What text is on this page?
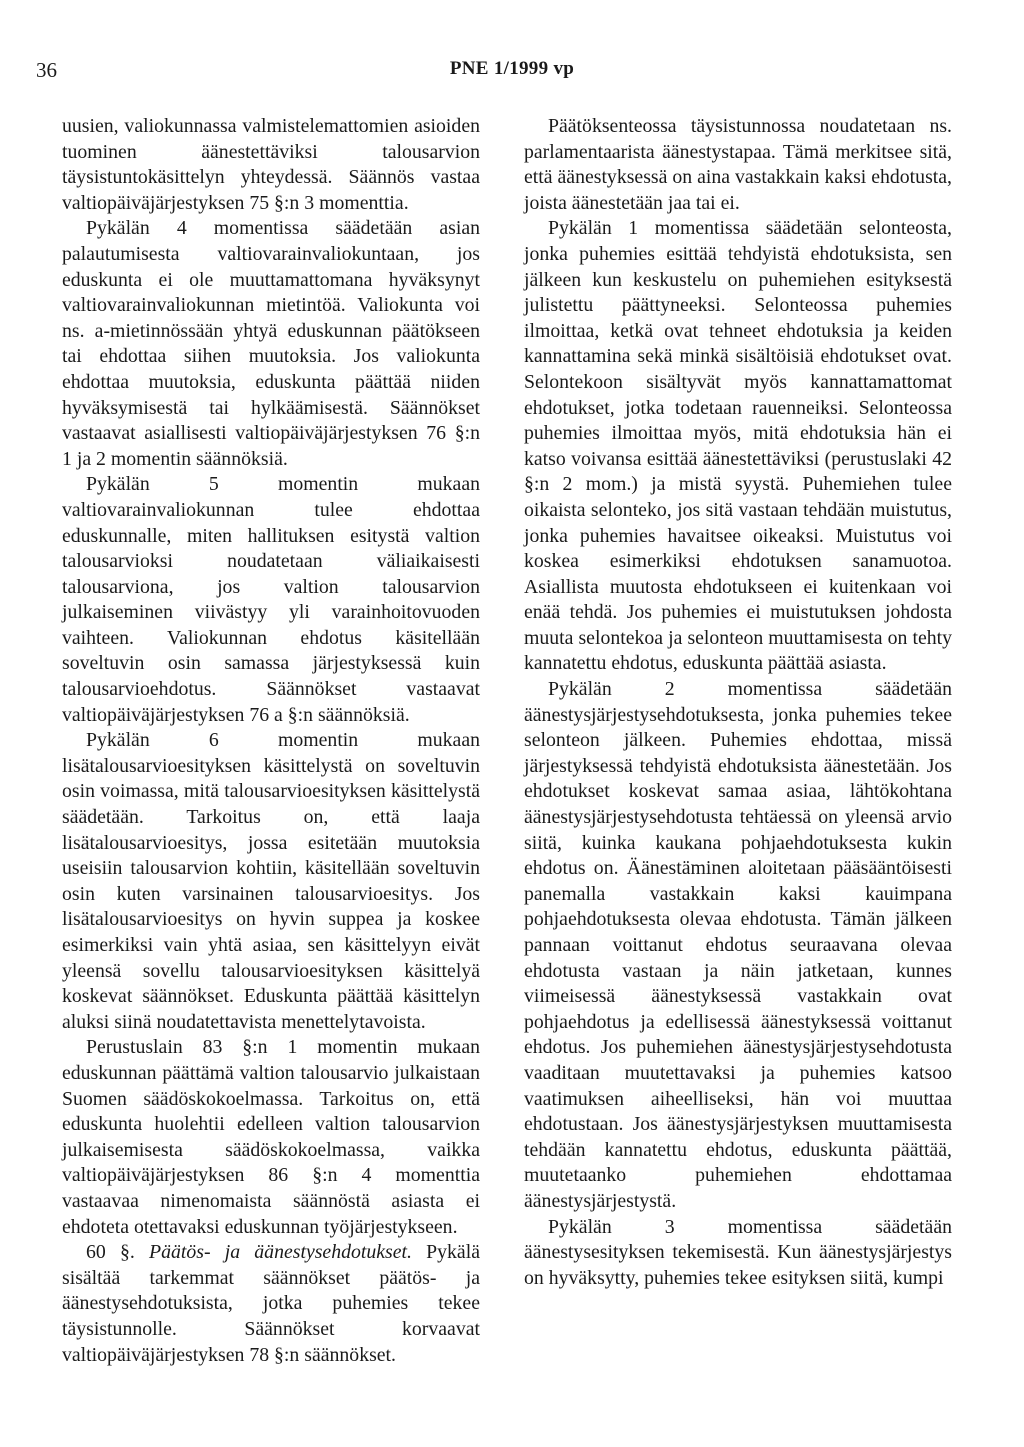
36	PNE 1/1999 vp

uusien, valiokunnassa valmistelemattomien asioiden tuominen äänestettäviksi talousarvion täysistuntokäsittelyn yhteydessä. Säännös vastaa valtiopäiväjärjestyksen 75 §:n 3 momenttia.

Pykälän 4 momentissa säädetään asian palautumisesta valtiovarainvaliokuntaan, jos eduskunta ei ole muuttamattomana hyväksynyt valtiovarainvaliokunnan mietintöä. Valiokunta voi ns. a-mietinnössään yhtyä eduskunnan päätökseen tai ehdottaa siihen muutoksia. Jos valiokunta ehdottaa muutoksia, eduskunta päättää niiden hyväksymisestä tai hylkäämisestä. Säännökset vastaavat asiallisesti valtiopäiväjärjestyksen 76 §:n 1 ja 2 momentin säännöksiä.

Pykälän 5 momentin mukaan valtiovarainvaliokunnan tulee ehdottaa eduskunnalle, miten hallituksen esitystä valtion talousarvioksi noudatetaan väliaikaisesti talousarviona, jos valtion talousarvion julkaiseminen viivästyy yli varainhoitovuoden vaihteen. Valiokunnan ehdotus käsitellään soveltuvin osin samassa järjestyksessä kuin talousarvioehdotus. Säännökset vastaavat valtiopäiväjärjestyksen 76 a §:n säännöksiä.

Pykälän 6 momentin mukaan lisätalousarvioesityksen käsittelystä on soveltuvin osin voimassa, mitä talousarvioesityksen käsittelystä säädetään. Tarkoitus on, että laaja lisätalousarvioesitys, jossa esitetään muutoksia useisiin talousarvion kohtiin, käsitellään soveltuvin osin kuten varsinainen talousarvioesitys. Jos lisätalousarvioesitys on hyvin suppea ja koskee esimerkiksi vain yhtä asiaa, sen käsittelyyn eivät yleensä sovellu talousarvioesityksen käsittelyä koskevat säännökset. Eduskunta päättää käsittelyn aluksi siinä noudatettavista menettelytavoista.

Perustuslain 83 §:n 1 momentin mukaan eduskunnan päättämä valtion talousarvio julkaistaan Suomen säädöskokoelmassa. Tarkoitus on, että eduskunta huolehtii edelleen valtion talousarvion julkaisemisesta säädöskokoelmassa, vaikka valtiopäiväjärjestyksen 86 §:n 4 momenttia vastaavaa nimenomaista säännöstä asiasta ei ehdoteta otettavaksi eduskunnan työjärjestykseen.

60 §. Päätös- ja äänestysehdotukset. Pykälä sisältää tarkemmat säännökset päätös- ja äänestysehdotuksista, jotka puhemies tekee täysistunnolle. Säännökset korvaavat valtiopäiväjärjestyksen 78 §:n säännökset.

Päätöksenteossa täysistunnossa noudatetaan ns. parlamentaarista äänestystapaa. Tämä merkitsee sitä, että äänestyksessä on aina vastakkain kaksi ehdotusta, joista äänestetään jaa tai ei.

Pykälän 1 momentissa säädetään selonteosta, jonka puhemies esittää tehdyistä ehdotuksista, sen jälkeen kun keskustelu on puhemiehen esityksestä julistettu päättyneeksi. Selonteossa puhemies ilmoittaa, ketkä ovat tehneet ehdotuksia ja keiden kannattamina sekä minkä sisältöisiä ehdotukset ovat. Selontekoon sisältyvät myös kannattamattomat ehdotukset, jotka todetaan rauenneiksi. Selonteossa puhemies ilmoittaa myös, mitä ehdotuksia hän ei katso voivansa esittää äänestettäviksi (perustuslaki 42 §:n 2 mom.) ja mistä syystä. Puhemiehen tulee oikaista selonteko, jos sitä vastaan tehdään muistutus, jonka puhemies havaitsee oikeaksi. Muistutus voi koskea esimerkiksi ehdotuksen sanamuotoa. Asiallista muutosta ehdotukseen ei kuitenkaan voi enää tehdä. Jos puhemies ei muistutuksen johdosta muuta selontekoa ja selonteon muuttamisesta on tehty kannatettu ehdotus, eduskunta päättää asiasta.

Pykälän 2 momentissa säädetään äänestysjärjestysehdotuksesta, jonka puhemies tekee selonteon jälkeen. Puhemies ehdottaa, missä järjestyksessä tehdyistä ehdotuksista äänestetään. Jos ehdotukset koskevat samaa asiaa, lähtökohtana äänestysjärjestysehdotusta tehtäessä on yleensä arvio siitä, kuinka kaukana pohjaehdotuksesta kukin ehdotus on. Äänestäminen aloitetaan pääsääntöisesti panemalla vastakkain kaksi kauimpana pohjaehdotuksesta olevaa ehdotusta. Tämän jälkeen pannaan voittanut ehdotus seuraavana olevaa ehdotusta vastaan ja näin jatketaan, kunnes viimeisessä äänestyksessä vastakkain ovat pohjaehdotus ja edellisessä äänestyksessä voittanut ehdotus. Jos puhemiehen äänestysjärjestysehdotusta vaaditaan muutettavaksi ja puhemies katsoo vaatimuksen aiheelliseksi, hän voi muuttaa ehdotustaan. Jos äänestysjärjestyksen muuttamisesta tehdään kannatettu ehdotus, eduskunta päättää, muutetaanko puhemiehen ehdottamaa äänestysjärjestystä.

Pykälän 3 momentissa säädetään äänestysesityksen tekemisestä. Kun äänestysjärjestys on hyväksytty, puhemies tekee esityksen siitä, kumpi
